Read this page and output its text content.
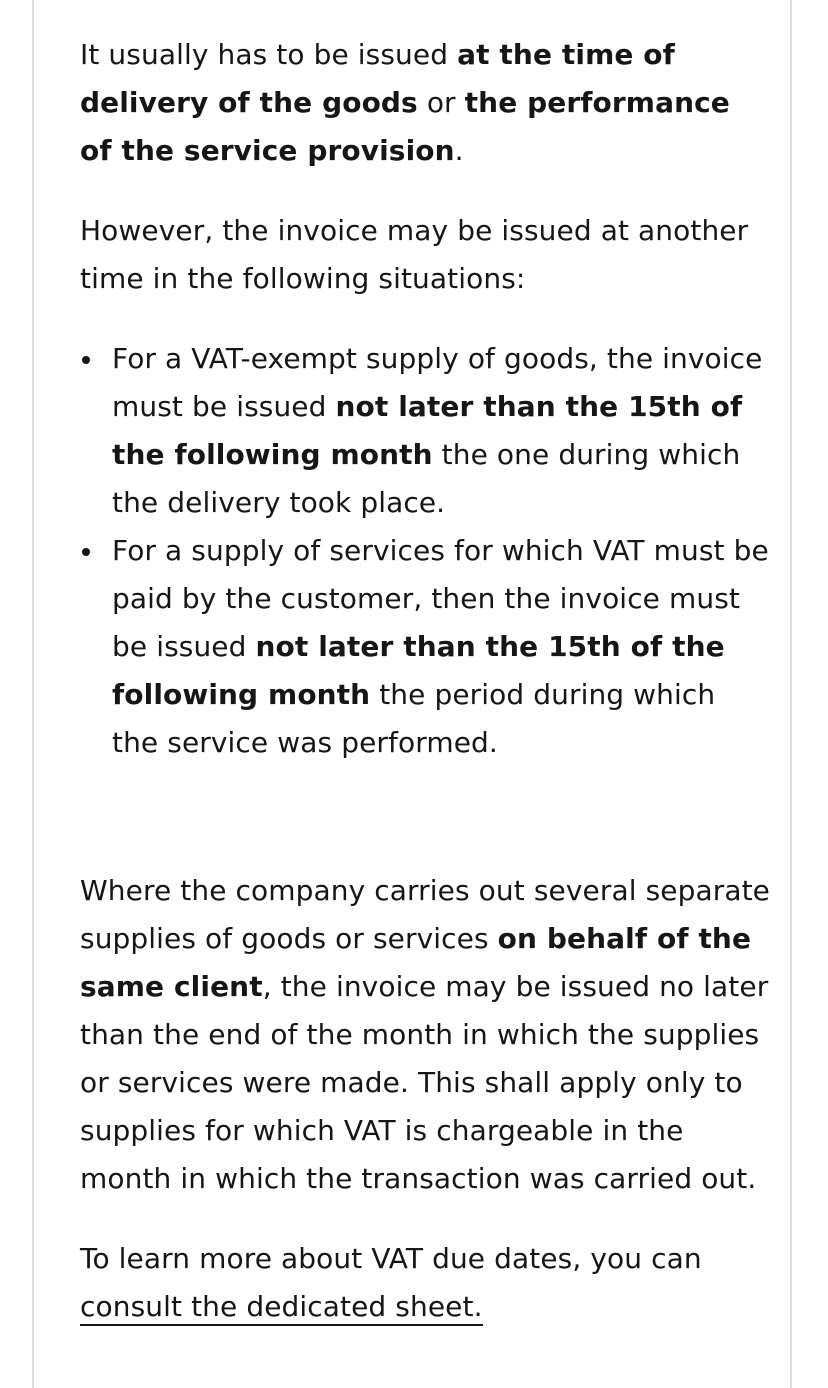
It usually has to be issued at the time of delivery of the goods or the performance of the service provision.

However, the invoice may be issued at another time in the following situations:

For a VAT-exempt supply of goods, the invoice must be issued not later than the 15th of the following month the one during which the delivery took place.
For a supply of services for which VAT must be paid by the customer, then the invoice must be issued not later than the 15th of the following month the period during which the service was performed.

Where the company carries out several separate supplies of goods or services on behalf of the same client, the invoice may be issued no later than the end of the month in which the supplies or services were made. This shall apply only to supplies for which VAT is chargeable in the month in which the transaction was carried out.

To learn more about VAT due dates, you can consult the dedicated sheet.
